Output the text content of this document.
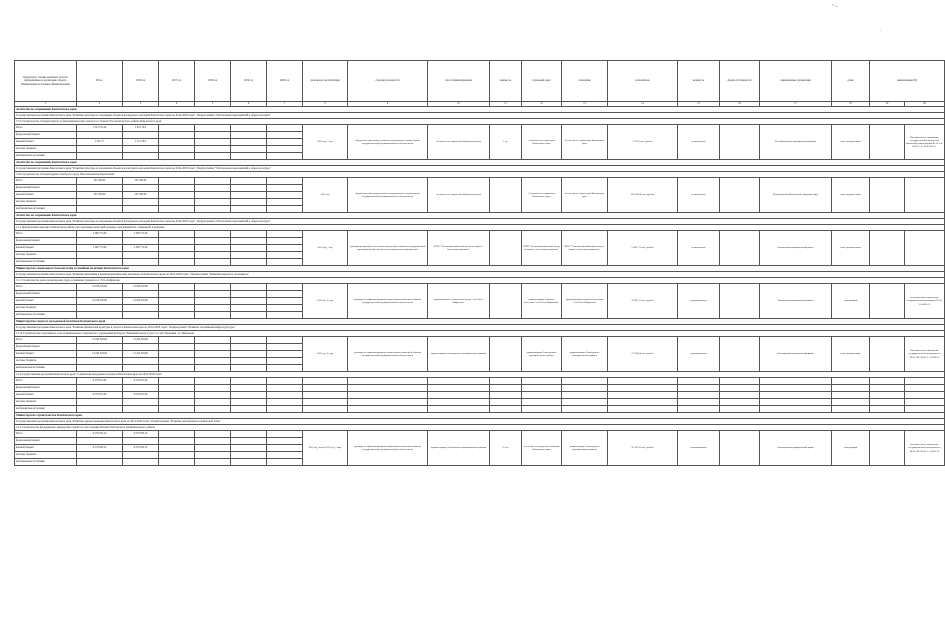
" ~
.
Предусмотр. объемы денежных средств, направляемые на реализацию объекта. Наименование источников финансирования	Итого	2016 год	2017 год	2018 год	2019 год	2020 год	срок ввода в эксплуатацию	срок ввода мощности	способ финансирования	мощность	отдельный адрес	отношение	исполнитель	мощность	форма собственности	наименование организации	сроки	наименование ПД	
1	2	3	4	5	6	7	8	9	10	11	12	13	14	15	16	17	18	19	20
Агентство по сохранению Камчатского края																			
Государственная программа Камчатского края "Развитие культуры и сохранение объектов культурного наследия Камчатского края на 2014-2018 годы". Подпрограмма "Обеспечение мероприятий в сфере культуры"																			
13.5 Строительство этнокультурного и биоклиматического центра в п. Ключи Усть-Камчатского района Камчатского края																			
Итого	1 523 781,24	1 621 76,0					2016 год, 1 год	бюджетные инвестиции в объекты капитального строительства государственной (муниципальной) собственности	Агентство по сохранению Камчатского края	1 ед.	Агентство по сохранению Камчатского края	Агентство по сохранению Камчатского края	5 222,5 тыс. рублей	региональная		Усть-Камчатский муниципальный район	план. документация		Положительное заключение государственной экспертизы проектной документации № 41-1-4-0033-13 от 19.07.2013 г.
федеральный бюджет																			
краевой бюджет	1 523 7,7	1 521 76,0																	
местные бюджеты																			
внебюджетные источники																			
Агентство по сохранению Камчатского края																			
Государственная программа Камчатского края "Развитие культуры и сохранение объектов культурного наследия Камчатского края на 2014-2018 годы". Подпрограмма "Обеспечение мероприятий в сфере культуры"																			
13.6 Строительство этнокультурного центра в городе Петропавловске-Камчатском																			
Итого	587 200,00	587 200,00					2016 год	бюджетные инвестиции в объекты капитального строительства государственной (муниципальной) собственности	Агентство по сохранению Камчатского края		Агентство по сохранению Камчатского края	Агентство по сохранению Камчатского края	592 200,00 тыс. рублей	региональная		Петропавловск-Камчатский городской округ	план. документация		
федеральный бюджет																			
краевой бюджет	587 200,00	587 200,00																	
местные бюджеты																			
внебюджетные источники																			
Агентство по сохранению Камчатского края																			
Государственная программа Камчатского края "Развитие культуры и сохранение объектов культурного наследия Камчатского края на 2014-2018 годы". Подпрограмма "Обеспечение мероприятий в сфере культуры"																			
13.1 Приобретение квартир в Камчатском районе для отдельных категорий граждан, нуждающихся в социальной поддержке																			
Итого	2 308 772,00	2 308 772,00					2016 год, 1 год	субсидии на приобретение жилых помещений в объекты государственной (муниципальной) собственности бюджетным учреждениям	КГБУ "Елизовский районный центр по борьбе с болезнями животных"		КГБУ "Елизовский районный центр по борьбе с болезнями животных"	КГБУ "Елизовский районный центр по борьбе с болезнями животных"	2 308 772 тыс. рублей	региональная		Елизовский муниципальный район	план. документация		
федеральный бюджет																			
краевой бюджет	2 308 772,00	2 308 772,00																	
местные бюджеты																			
внебюджетные источники																			
Министерство социального благополучия и семейной политики Камчатского края																			
Государственная программа Камчатского края "Развитие экономики и внешнеэкономической деятельности Камчатского края на 2014-2018 годы". Подпрограмма "Развитие кадрового потенциала"																			
13.1 Строительство дома для ветеранов труда и пожилых граждан в п. Усть-Хайрюзово																			
Итого	14 033,322,00	14 033,322,00					2016 год, 3 года	субсидии на софинансирование капитальных вложений в объекты государственной (муниципальной) собственности	администрация сельского поселения "село Усть-Хайрюзово"		администрация сельского поселения "село Усть-Хайрюзово"	администрация сельского поселения "село Усть-Хайрюзово"	41 861,71 тыс. рублей	муниципальная		Тигильский муниципальный район	переходящий		положительное заключение государственной экспертизы № 41-1-5-0001-12
федеральный бюджет																			
краевой бюджет	14 033,322,00	14 033,322,00																	
местные бюджеты																			
внебюджетные источники																			
Министерство спорта и молодежной политики Камчатского края																			
Государственная программа Камчатского края "Развитие физической культуры и спорта в Камчатском крае на 2014-2018 годы". Подпрограмма "Развитие спортивной инфраструктуры"																			
13.12 Строительство спортивного зала муниципального бюджетного учреждения культуры "Районный центр досуга" в селе Тиличики, ул. Школьная																			
Итого	13 242 304,00	13 242 304,00					2016 год, 2 года	субсидии на софинансирование капитальных вложений в объекты государственной (муниципальной) собственности	администрация Олюторского муниципального района		администрация Олюторского муниципального района	администрация Олюторского муниципального района	27 506,00 тыс. рублей	муниципальная		Олюторский муниципальный район	план. документация		Положительное заключение государственной экспертизы от 09.05.2015 № 41-1-5-0024-15
федеральный бюджет																			
краевой бюджет	13 242 304,00	13 242 304,00																	
местные бюджеты																			
внебюджетные источники																			
14. Государственная программа Камчатского края "Социальная поддержка граждан в Камчатском крае на 2014-2018 годы"																			
Итого	9 578 951,00	9 578 951,00																	
федеральный бюджет																			
краевой бюджет	9 578 951,00	9 578 951,00																	
местные бюджеты																			
внебюджетные источники																			
Министерство строительства Камчатского края																			
Государственная программа Камчатского края "Развитие здравоохранения Камчатского края на 2014-2020 годы". Подпрограмма "Развитие материально-технической базы"																			
14.1 Строительство фельдшерско-акушерского пункта в селе Средние Пахачи Олюторского муниципального района																			
Итого	9 579 950,10	9 579 950,10					2016 год, 4 года 2015 год, 3 года	субсидии на софинансирование капитальных вложений в объекты государственной (муниципальной) собственности	администрация Олюторского муниципального района	0,6 га	Агентство по внутренней политике Камчатского края	администрация Олюторского муниципального района	56 323,42 тыс. рублей	муниципальная		Олюторский муниципальный район	переходящий		положительное заключение государственной экспертизы от 04.03.2015 № 41-1-5-0012-15
федеральный бюджет																			
краевой бюджет	9 579 950,10	9 579 950,10																	
местные бюджеты																			
внебюджетные источники																			
